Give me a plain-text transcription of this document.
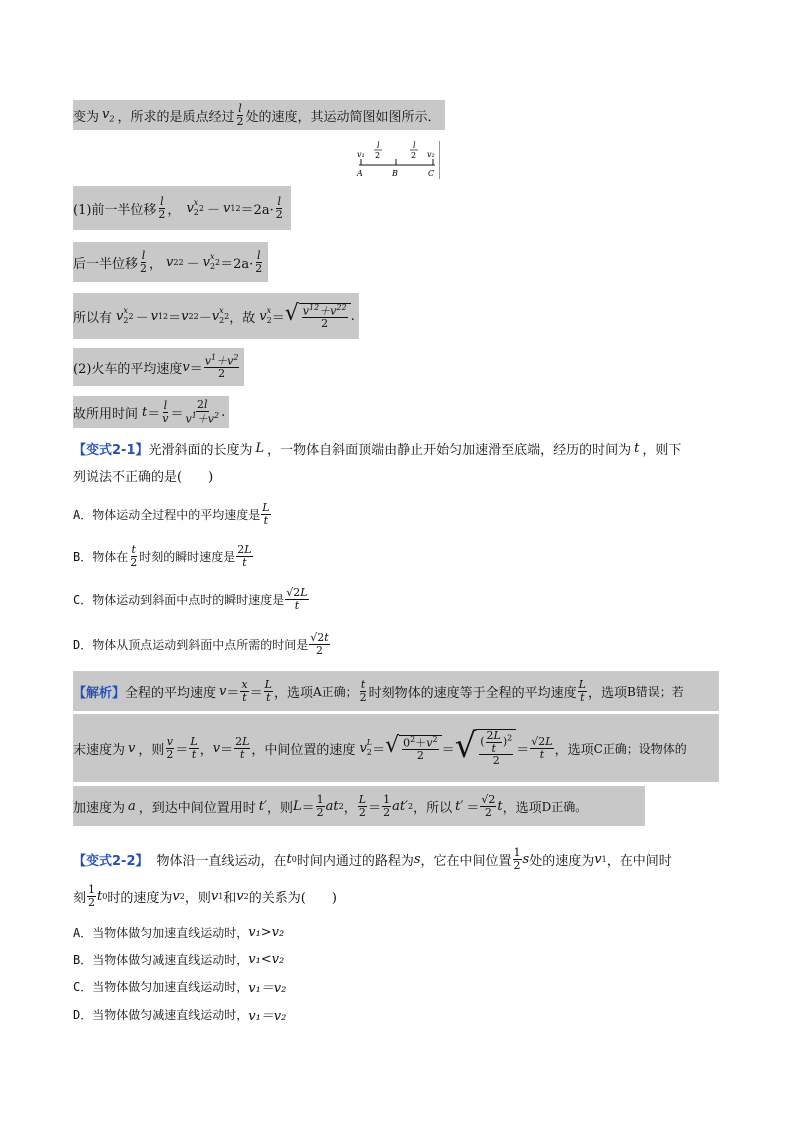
变为 $v_2$ ，所求的是质点经过
l
2 处的速度，其运动简图如图所示．
v₁	v₂
l
2
l
2
A	B	C
(1)前一半位移
l
2 ， v x
2 2 － v 1 2 ＝2a·
l
2
后一半位移
l
2 ， v 2 2 － v x
2 2 ＝2a·
l
2
所以有 v x
2 2 － v 1 2 ＝ v 2 2 － v x
2 2 ，故 v x
2 ＝ √ $v^{12}+v^{22}$
2 .
(2)火车的平均速度 v ＝
$v^1+v^2$
2
故所用时间 t ＝
l
v ＝
2l
$v^1+v^2$ .
【变式2-1】 光滑斜面的长度为 L ，一物体自斜面顶端由静止开始匀加速滑至底端，经历的时间为 t ，则下
列说法不正确的是(　　)
A．物体运动全过程中的平均速度是
L
t
B．物体在
t
2 时刻的瞬时速度是
2L
t
C．物体运动到斜面中点时的瞬时速度是
√2L
t
D．物体从顶点运动到斜面中点所需的时间是
√2t
2
【解析】 全程的平均速度 v ＝
x
t ＝
L
t ，选项 A正确；
t
2 时刻物体的速度等于全程的平均速度
L
t ，选项 B错误；若
末速度为 v ，则
v
2 ＝
L
t ， v ＝
2L
t ，中间位置的速度 v L
2 ＝ √ $0^2+v^2$
2 ＝ √ ( $\frac{2L}{t} )^2$
2
＝
√2L
t ，选项 C正确；设物体的
加速度为 a ，到达中间位置用时 t′ ，则 L ＝
1
2 at 2 ，
L
2 ＝
1
2 at′ 2 ，所以 t′ ＝
√2
2 t ，选项 D正确。
【变式2-2】 物体沿一直线运动，在 t 0 时间内通过的路程为 s ，它在中间位置
1
2 s 处的速度为 v 1 ，在中间时
刻
1
2 t 0 时的速度为 v 2 ，则 v 1 和 v 2 的关系为(　　)
A．当物体做匀加速直线运动时， v₁>v₂
B．当物体做匀减速直线运动时， v₁<v₂
C．当物体做匀加速直线运动时， v₁＝v₂
D．当物体做匀减速直线运动时， v₁＝v₂
